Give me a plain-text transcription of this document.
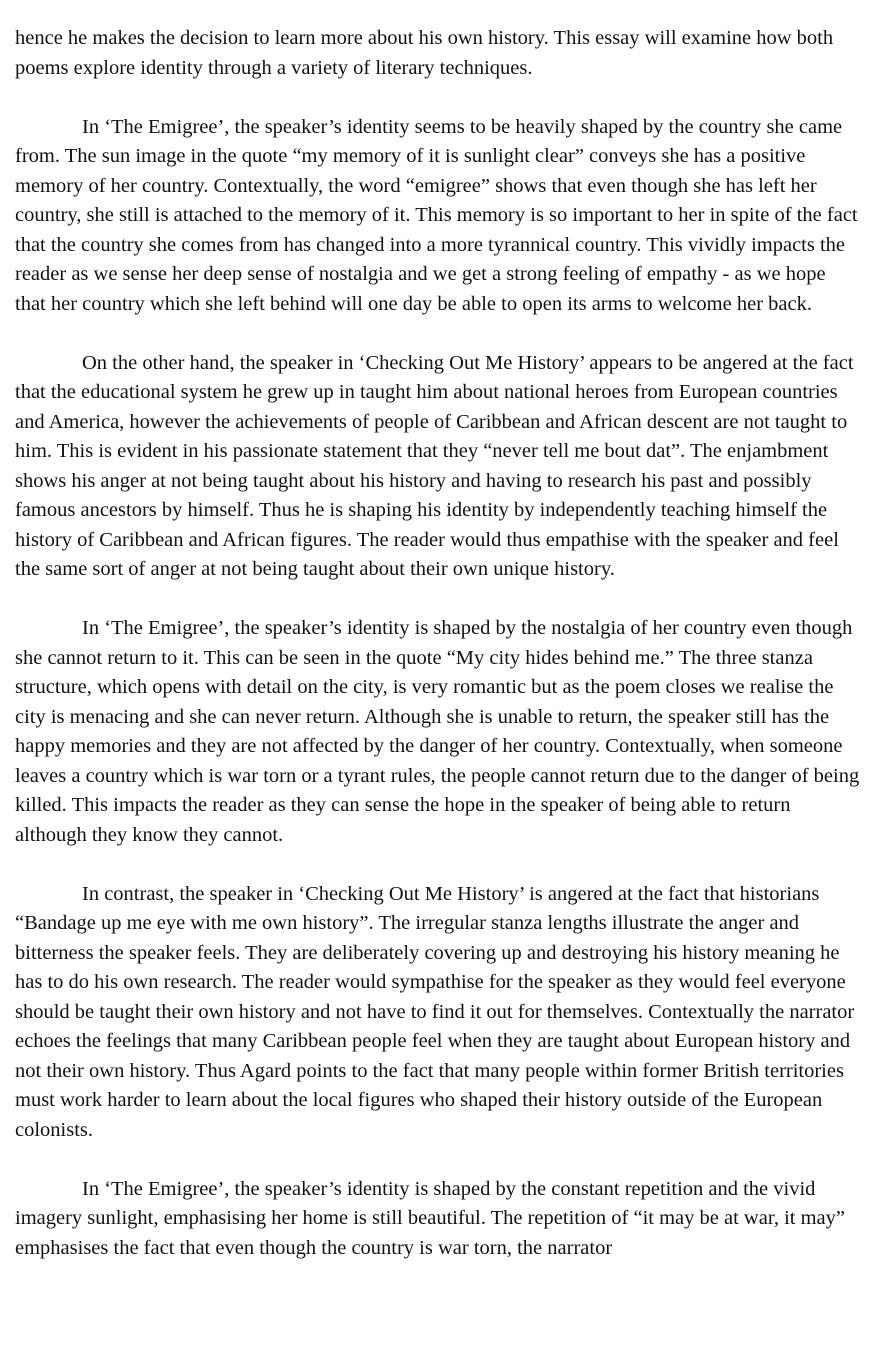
hence he makes the decision to learn more about his own history. This essay will examine how both poems explore identity through a variety of literary techniques.

In ‘The Emigree’, the speaker’s identity seems to be heavily shaped by the country she came from. The sun image in the quote “my memory of it is sunlight clear” conveys she has a positive memory of her country. Contextually, the word “emigree” shows that even though she has left her country, she still is attached to the memory of it. This memory is so important to her in spite of the fact that the country she comes from has changed into a more tyrannical country. This vividly impacts the reader as we sense her deep sense of nostalgia and we get a strong feeling of empathy - as we hope that her country which she left behind will one day be able to open its arms to welcome her back.

On the other hand, the speaker in ‘Checking Out Me History’ appears to be angered at the fact that the educational system he grew up in taught him about national heroes from European countries and America, however the achievements of people of Caribbean and African descent are not taught to him. This is evident in his passionate statement that they “never tell me bout dat”. The enjambment shows his anger at not being taught about his history and having to research his past and possibly famous ancestors by himself. Thus he is shaping his identity by independently teaching himself the history of Caribbean and African figures. The reader would thus empathise with the speaker and feel the same sort of anger at not being taught about their own unique history.

In ‘The Emigree’, the speaker’s identity is shaped by the nostalgia of her country even though she cannot return to it. This can be seen in the quote “My city hides behind me.” The three stanza structure, which opens with detail on the city, is very romantic but as the poem closes we realise the city is menacing and she can never return. Although she is unable to return, the speaker still has the happy memories and they are not affected by the danger of her country. Contextually, when someone leaves a country which is war torn or a tyrant rules, the people cannot return due to the danger of being killed. This impacts the reader as they can sense the hope in the speaker of being able to return although they know they cannot.

In contrast, the speaker in ‘Checking Out Me History’ is angered at the fact that historians “Bandage up me eye with me own history”. The irregular stanza lengths illustrate the anger and bitterness the speaker feels. They are deliberately covering up and destroying his history meaning he has to do his own research. The reader would sympathise for the speaker as they would feel everyone should be taught their own history and not have to find it out for themselves. Contextually the narrator echoes the feelings that many Caribbean people feel when they are taught about European history and not their own history. Thus Agard points to the fact that many people within former British territories must work harder to learn about the local figures who shaped their history outside of the European colonists.

In ‘The Emigree’, the speaker’s identity is shaped by the constant repetition and the vivid imagery sunlight, emphasising her home is still beautiful. The repetition of “it may be at war, it may” emphasises the fact that even though the country is war torn, the narrator
